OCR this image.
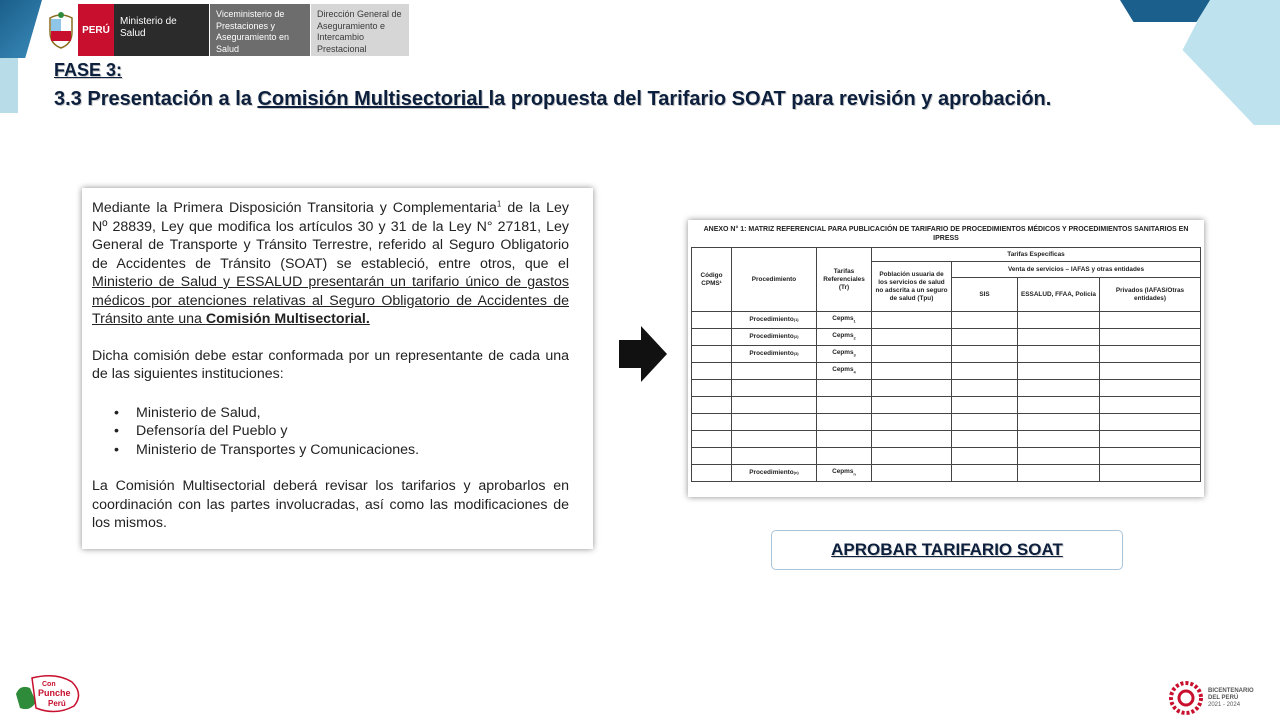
PERÚ
Ministerio de Salud
Viceministerio de Prestaciones y Aseguramiento en Salud
Dirección General de Aseguramiento e Intercambio Prestacional
FASE 3:
3.3 Presentación a la Comisión Multisectorial la propuesta del Tarifario SOAT para revisión y aprobación.

Mediante la Primera Disposición Transitoria y Complementaria$^1$ de la Ley Nº 28839, Ley que modifica los artículos 30 y 31 de la Ley N° 27181, Ley General de Transporte y Tránsito Terrestre, referido al Seguro Obligatorio de Accidentes de Tránsito (SOAT) se estableció, entre otros, que el Ministerio de Salud y ESSALUD presentarán un tarifario único de gastos médicos por atenciones relativas al Seguro Obligatorio de Accidentes de Tránsito ante una Comisión Multisectorial.

Dicha comisión debe estar conformada por un representante de cada una de las siguientes instituciones:

• Ministerio de Salud,
• Defensoría del Pueblo y
• Ministerio de Transportes y Comunicaciones.

La Comisión Multisectorial deberá revisar los tarifarios y aprobarlos en coordinación con las partes involucradas, así como las modificaciones de los mismos.

ANEXO N° 1: MATRIZ REFERENCIAL PARA PUBLICACIÓN DE TARIFARIO DE PROCEDIMIENTOS MÉDICOS Y PROCEDIMIENTOS SANITARIOS EN IPRESS
Código CPMS¹	Procedimiento	Tarifas Referenciales (Tr)	Tarifas Específicas			
			Población usuaria de los servicios de salud no adscrita a un seguro de salud (Tpu)	Venta de servicios – IAFAS y otras entidades		
				SIS	ESSALUD, FFAA, Policía	Privados (IAFAS/Otras entidades)
	Procedimiento(1)	Cepms$_1$				
	Procedimiento(2)	Cepms$_2$				
	Procedimiento(3)	Cepms$_3$				
		Cepms$_4$				

	Procedimiento(n)	Cepms$_n$				
APROBAR TARIFARIO SOAT
Con
Punche
Perú
BICENTENARIO
DEL PERÚ
2021 - 2024
